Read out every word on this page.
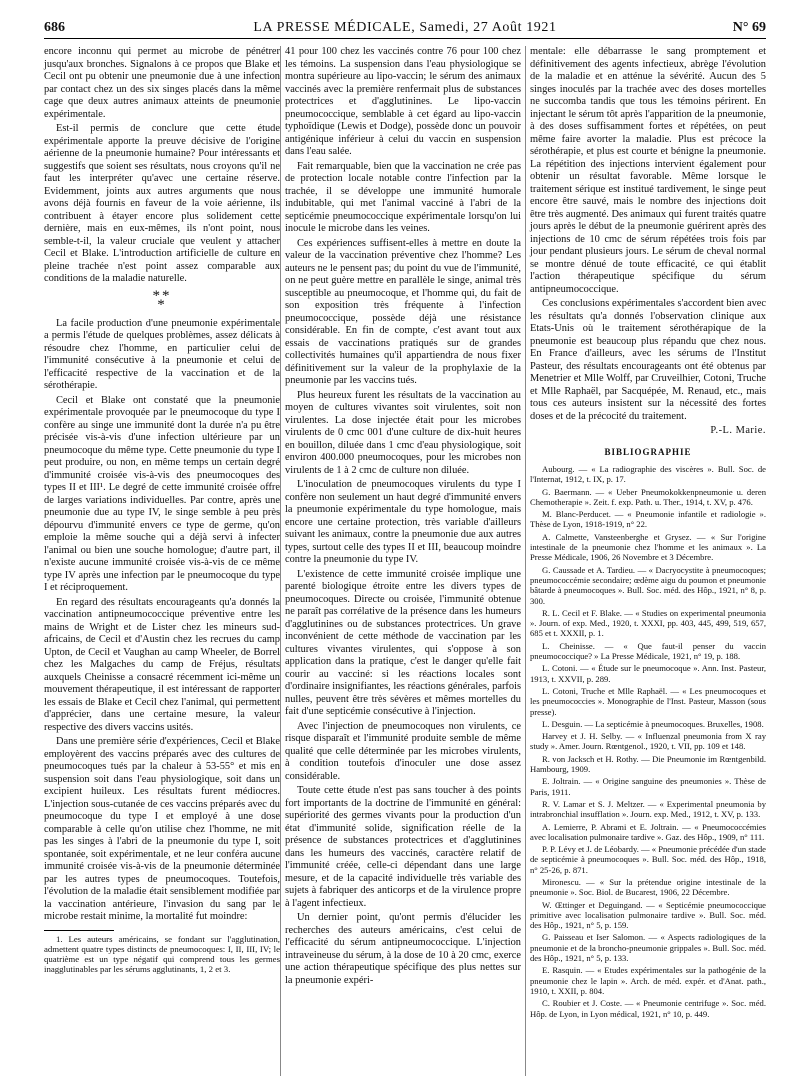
686	LA PRESSE MÉDICALE, Samedi, 27 Août 1921	N° 69

encore inconnu qui permet au microbe de pénétrer jusqu'aux bronches. Signalons à ce propos que Blake et Cecil ont pu obtenir une pneumonie due à une infection par contact chez un des six singes placés dans la même cage que deux autres animaux atteints de pneumonie expérimentale.

Est-il permis de conclure que cette étude expérimentale apporte la preuve décisive de l'origine aérienne de la pneumonie humaine? Pour intéressants et suggestifs que soient ses résultats, nous croyons qu'il ne faut les interpréter qu'avec une certaine réserve. Evidemment, joints aux autres arguments que nous avons déjà fournis en faveur de la voie aérienne, ils contribuent à étayer encore plus solidement cette dernière, mais en eux-mêmes, ils n'ont point, nous semble-t-il, la valeur cruciale que veulent y attacher Cecil et Blake. L'introduction artificielle de culture en pleine trachée n'est point assez comparable aux conditions de la maladie naturelle.

**
*

La facile production d'une pneumonie expérimentale a permis l'étude de quelques problèmes, assez délicats à résoudre chez l'homme, en particulier celui de l'immunité consécutive à la pneumonie et celui de l'efficacité respective de la vaccination et de la sérothérapie.

Cecil et Blake ont constaté que la pneumonie expérimentale provoquée par le pneumocoque du type I confère au singe une immunité dont la durée n'a pu être précisée vis-à-vis d'une infection ultérieure par un pneumocoque du même type. Cette pneumonie du type I peut produire, ou non, en même temps un certain degré d'immunité croisée vis-à-vis des pneumocoques des types II et III¹. Le degré de cette immunité croisée offre de larges variations individuelles. Par contre, après une pneumonie due au type IV, le singe semble à peu près dépourvu d'immunité envers ce type de germe, qu'on emploie la même souche qui a déjà servi à infecter l'animal ou bien une souche homologue; d'autre part, il n'existe aucune immunité croisée vis-à-vis de ce même type IV après une infection par le pneumocoque du type I et réciproquement.

En regard des résultats encourageants qu'a donnés la vaccination antipneumococcique préventive entre les mains de Wright et de Lister chez les mineurs sud-africains, de Cecil et d'Austin chez les recrues du camp Upton, de Cecil et Vaughan au camp Wheeler, de Borrel chez les Malgaches du camp de Fréjus, résultats auxquels Cheinisse a consacré récemment ici-même un mouvement thérapeutique, il est intéressant de rapporter les essais de Blake et Cecil chez l'animal, qui permettent d'apprécier, dans une certaine mesure, la valeur respective des divers vaccins usités.

Dans une première série d'expériences, Cecil et Blake employèrent des vaccins préparés avec des cultures de pneumocoques tués par la chaleur à 53-55° et mis en suspension soit dans l'eau physiologique, soit dans un excipient huileux. Les résultats furent médiocres. L'injection sous-cutanée de ces vaccins préparés avec du pneumocoque du type I et employé à une dose comparable à celle qu'on utilise chez l'homme, ne mit pas les singes à l'abri de la pneumonie du type I, soit spontanée, soit expérimentale, et ne leur conféra aucune immunité croisée vis-à-vis de la pneumonie déterminée par les autres types de pneumocoques. Toutefois, l'évolution de la maladie était sensiblement modifiée par la vaccination antérieure, l'invasion du sang par le microbe restait minime, la mortalité fut moindre:

1. Les auteurs américains, se fondant sur l'agglutination, admettent quatre types distincts de pneumocoques: I, II, III, IV; le quatrième est un type négatif qui comprend tous les germes inagglutinables par les sérums agglutinants, 1, 2 et 3.

41 pour 100 chez les vaccinés contre 76 pour 100 chez les témoins. La suspension dans l'eau physiologique se montra supérieure au lipo-vaccin; le sérum des animaux vaccinés avec la première renfermait plus de substances protectrices et d'agglutinines. Le lipo-vaccin pneumococcique, semblable à cet égard au lipo-vaccin typhoïdique (Lewis et Dodge), possède donc un pouvoir antigénique inférieur à celui du vaccin en suspension dans l'eau salée.

Fait remarquable, bien que la vaccination ne crée pas de protection locale notable contre l'infection par la trachée, il se développe une immunité humorale indubitable, qui met l'animal vacciné à l'abri de la septicémie pneumococcique expérimentale lorsqu'on lui inocule le microbe dans les veines.

Ces expériences suffisent-elles à mettre en doute la valeur de la vaccination préventive chez l'homme? Les auteurs ne le pensent pas; du point du vue de l'immunité, on ne peut guère mettre en parallèle le singe, animal très susceptible au pneumocoque, et l'homme qui, du fait de son exposition très fréquente à l'infection pneumococcique, possède déjà une résistance considérable. En fin de compte, c'est avant tout aux essais de vaccinations pratiqués sur de grandes collectivités humaines qu'il appartiendra de nous fixer définitivement sur la valeur de la prophylaxie de la pneumonie par les vaccins tués.

Plus heureux furent les résultats de la vaccination au moyen de cultures vivantes soit virulentes, soit non virulentes. La dose injectée était pour les microbes virulents de 0 cmc 001 d'une culture de dix-huit heures en bouillon, diluée dans 1 cmc d'eau physiologique, soit environ 400.000 pneumocoques, pour les microbes non virulents de 1 à 2 cmc de culture non diluée.

L'inoculation de pneumocoques virulents du type I confère non seulement un haut degré d'immunité envers la pneumonie expérimentale du type homologue, mais encore une certaine protection, très variable d'ailleurs suivant les animaux, contre la pneumonie due aux autres types, surtout celle des types II et III, beaucoup moindre contre la pneumonie du type IV.

L'existence de cette immunité croisée implique une parenté biologique étroite entre les divers types de pneumocoques. Directe ou croisée, l'immunité obtenue ne paraît pas corrélative de la présence dans les humeurs d'agglutinines ou de substances protectrices. Un grave inconvénient de cette méthode de vaccination par les cultures vivantes virulentes, qui s'oppose à son application dans la pratique, c'est le danger qu'elle fait courir au vacciné: si les réactions locales sont d'ordinaire insignifiantes, les réactions générales, parfois nulles, peuvent être très sévères et mêmes mortelles du fait d'une septicémie consécutive à l'injection.

Avec l'injection de pneumocoques non virulents, ce risque disparaît et l'immunité produite semble de même qualité que celle déterminée par les microbes virulents, à condition toutefois d'inoculer une dose assez considérable.

Toute cette étude n'est pas sans toucher à des points fort importants de la doctrine de l'immunité en général: supériorité des germes vivants pour la production d'un état d'immunité solide, signification réelle de la présence de substances protectrices et d'agglutinines dans les humeurs des vaccinés, caractère relatif de l'immunité créée, celle-ci dépendant dans une large mesure, et de la capacité individuelle très variable des sujets à fabriquer des anticorps et de la virulence propre à l'agent infectieux.

Un dernier point, qu'ont permis d'élucider les recherches des auteurs américains, c'est celui de l'efficacité du sérum antipneumococcique. L'injection intraveineuse du sérum, à la dose de 10 à 20 cmc, exerce une action thérapeutique spécifique des plus nettes sur la pneumonie expéri-

mentale: elle débarrasse le sang promptement et définitivement des agents infectieux, abrège l'évolution de la maladie et en atténue la sévérité. Aucun des 5 singes inoculés par la trachée avec des doses mortelles ne succomba tandis que tous les témoins périrent. En injectant le sérum tôt après l'apparition de la pneumonie, à des doses suffisamment fortes et répétées, on peut même faire avorter la maladie. Plus est précoce la sérothérapie, et plus est courte et bénigne la pneumonie. La répétition des injections intervient également pour obtenir un résultat favorable. Même lorsque le traitement sérique est institué tardivement, le singe peut encore être sauvé, mais le nombre des injections doit être très augmenté. Des animaux qui furent traités quatre jours après le début de la pneumonie guérirent après des injections de 10 cmc de sérum répétées trois fois par jour pendant plusieurs jours. Le sérum de cheval normal se montre dénué de toute efficacité, ce qui établit l'action thérapeutique spécifique du sérum antipneumococcique.

Ces conclusions expérimentales s'accordent bien avec les résultats qu'a donnés l'observation clinique aux Etats-Unis où le traitement sérothérapique de la pneumonie est beaucoup plus répandu que chez nous. En France d'ailleurs, avec les sérums de l'Institut Pasteur, des résultats encourageants ont été obtenus par Menetrier et Mlle Wolff, par Cruveilhier, Cotoni, Truche et Mlle Raphaël, par Sacquépée, M. Renaud, etc., mais tous ces auteurs insistent sur la nécessité des fortes doses et de la précocité du traitement.

P.-L. Marie.
BIBLIOGRAPHIE

Aubourg. — « La radiographie des viscères ». Bull. Soc. de l'Internat, 1912, t. IX, p. 17.

G. Baermann. — « Ueber Pneumokokkenpneumonie u. deren Chemotherapie ». Zeit. f. exp. Path. u. Ther., 1914, t. XV, p. 476.

M. Blanc-Perducet. — « Pneumonie infantile et radiologie ». Thèse de Lyon, 1918-1919, n° 22.

A. Calmette, Vansteenberghe et Grysez. — « Sur l'origine intestinale de la pneumonie chez l'homme et les animaux ». La Presse Médicale, 1906, 26 Novembre et 3 Décembre.

G. Caussade et A. Tardieu. — « Dacryocystite à pneumocoques; pneumococcémie secondaire; œdème aigu du poumon et pneumonie bâtarde à pneumocoques ». Bull. Soc. méd. des Hôp., 1921, n° 8, p. 300.

R. L. Cecil et F. Blake. — « Studies on experimental pneumonia ». Journ. of exp. Med., 1920, t. XXXI, pp. 403, 445, 499, 519, 657, 685 et t. XXXII, p. 1.

L. Cheinisse. — « Que faut-il penser du vaccin pneumococcique? » La Presse Médicale, 1921, n° 19, p. 188.

L. Cotoni. — « Étude sur le pneumocoque ». Ann. Inst. Pasteur, 1913, t. XXVII, p. 289.

L. Cotoni, Truche et Mlle Raphaël. — « Les pneumocoques et les pneumococcies ». Monographie de l'Inst. Pasteur, Masson (sous presse).

L. Desguin. — La septicémie à pneumocoques. Bruxelles, 1908.

Harvey et J. H. Selby. — « Influenzal pneumonia from X ray study ». Amer. Journ. Rœntgenol., 1920, t. VII, pp. 109 et 148.

R. von Jacksch et H. Rothy. — Die Pneumonie im Rœntgenbild. Hambourg, 1909.

E. Joltrain. — « Origine sanguine des pneumonies ». Thèse de Paris, 1911.

R. V. Lamar et S. J. Meltzer. — « Experimental pneumonia by intrabronchial insufflation ». Journ. exp. Med., 1912, t. XV, p. 133.

A. Lemierre, P. Abrami et E. Joltrain. — « Pneumococcémies avec localisation pulmonaire tardive ». Gaz. des Hôp., 1909, n° 111.

P. P. Lévy et J. de Léobardy. — « Pneumonie précédée d'un stade de septicémie à pneumocoques ». Bull. Soc. méd. des Hôp., 1918, n° 25-26, p. 871.

Mironescu. — « Sur la prétendue origine intestinale de la pneumonie ». Soc. Biol. de Bucarest, 1906, 22 Décembre.

W. Œttinger et Deguingand. — « Septicémie pneumococcique primitive avec localisation pulmonaire tardive ». Bull. Soc. méd. des Hôp., 1921, n° 5, p. 159.

G. Paisseau et Iser Salomon. — « Aspects radiologiques de la pneumonie et de la broncho-pneumonie grippales ». Bull. Soc. méd. des Hôp., 1921, n° 5, p. 133.

E. Rasquin. — « Etudes expérimentales sur la pathogénie de la pneumonie chez le lapin ». Arch. de méd. expér. et d'Anat. path., 1910, t. XXII, p. 804.

C. Roubier et J. Coste. — « Pneumonie centrifuge ». Soc. méd. Hôp. de Lyon, in Lyon médical, 1921, n° 10, p. 449.
